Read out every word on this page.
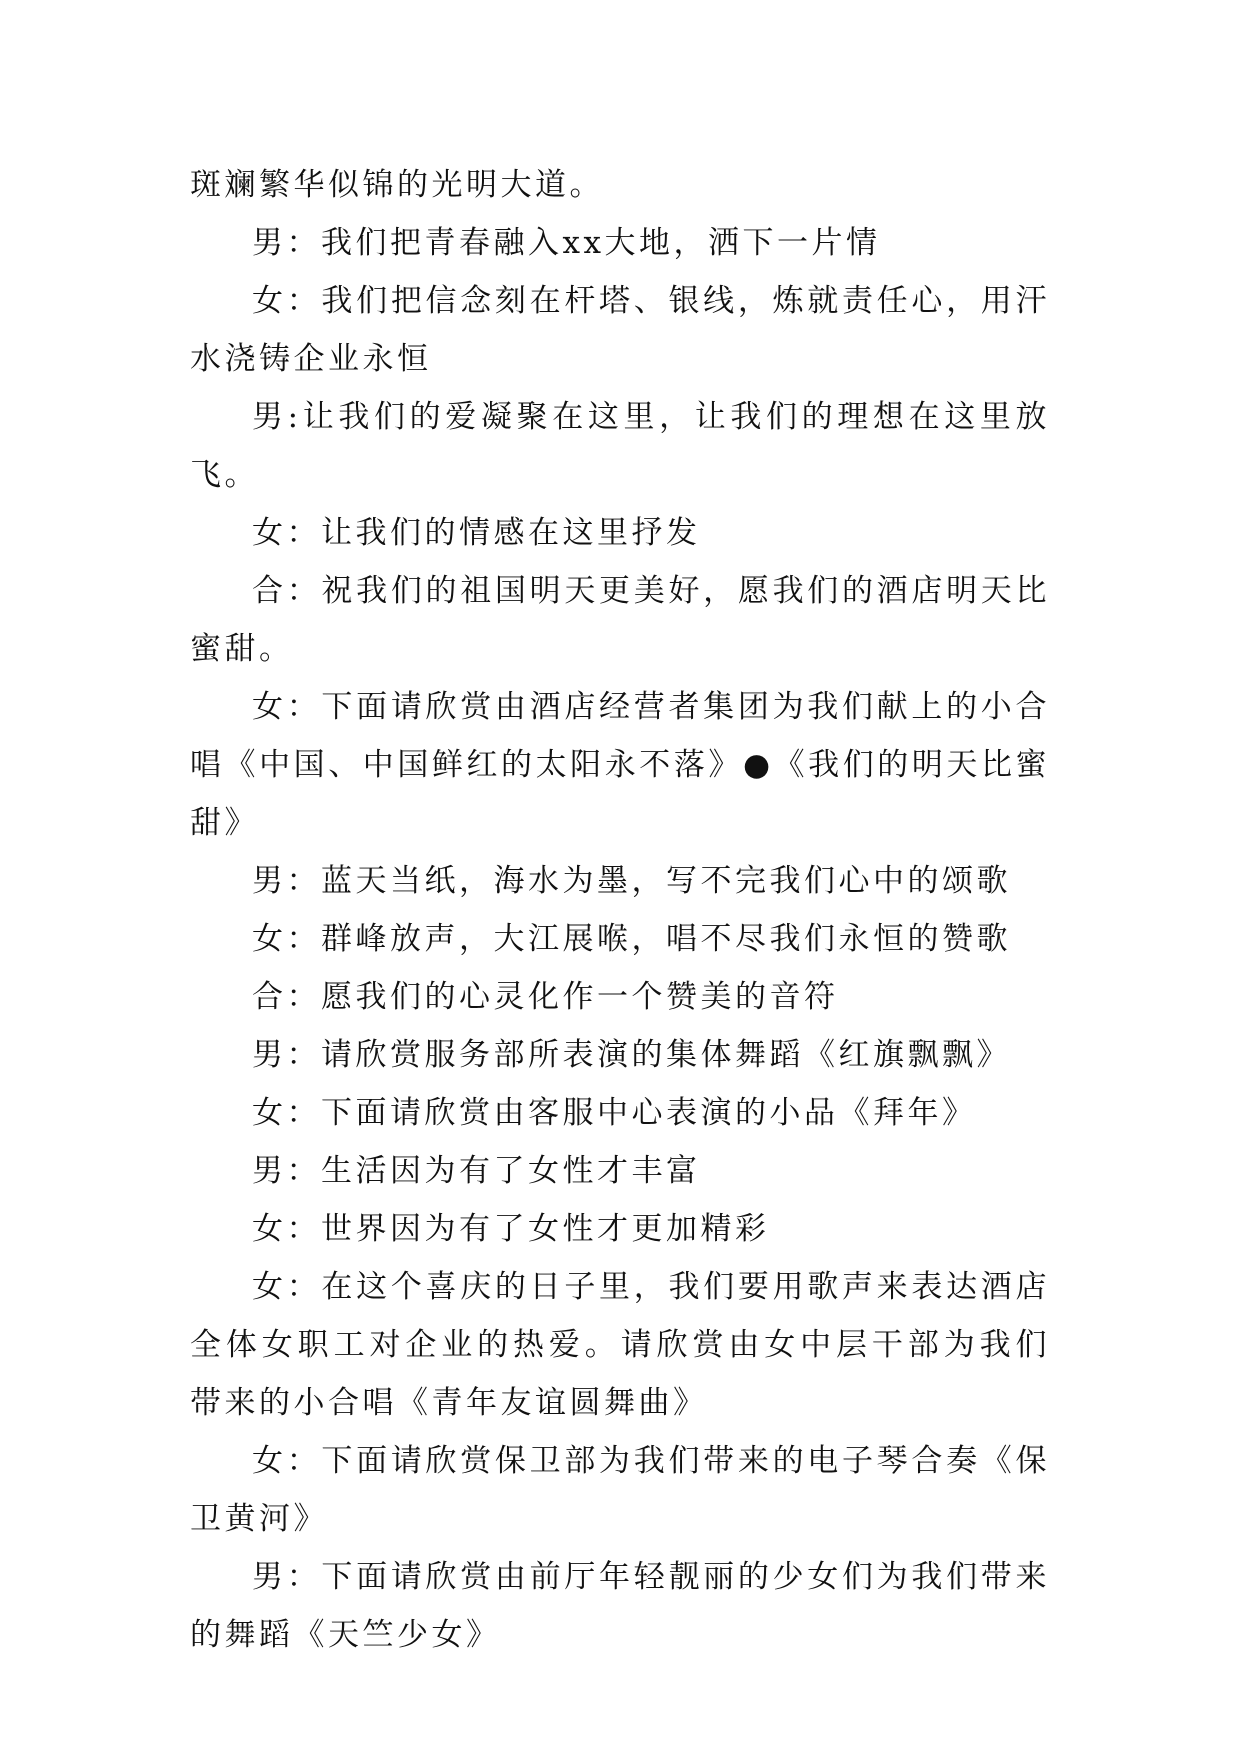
斑斓繁华似锦的光明大道。

男：我们把青春融入xx大地，洒下一片情

女：我们把信念刻在杆塔、银线，炼就责任心，用汗水浇铸企业永恒

男:让我们的爱凝聚在这里，让我们的理想在这里放飞。

女：让我们的情感在这里抒发

合：祝我们的祖国明天更美好，愿我们的酒店明天比蜜甜。

女：下面请欣赏由酒店经营者集团为我们献上的小合唱《中国、中国鲜红的太阳永不落》●《我们的明天比蜜甜》

男：蓝天当纸，海水为墨，写不完我们心中的颂歌

女：群峰放声，大江展喉，唱不尽我们永恒的赞歌

合：愿我们的心灵化作一个赞美的音符

男：请欣赏服务部所表演的集体舞蹈《红旗飘飘》

女：下面请欣赏由客服中心表演的小品《拜年》

男：生活因为有了女性才丰富

女：世界因为有了女性才更加精彩

女：在这个喜庆的日子里，我们要用歌声来表达酒店全体女职工对企业的热爱。请欣赏由女中层干部为我们带来的小合唱《青年友谊圆舞曲》

女：下面请欣赏保卫部为我们带来的电子琴合奏《保卫黄河》

男：下面请欣赏由前厅年轻靓丽的少女们为我们带来的舞蹈《天竺少女》
